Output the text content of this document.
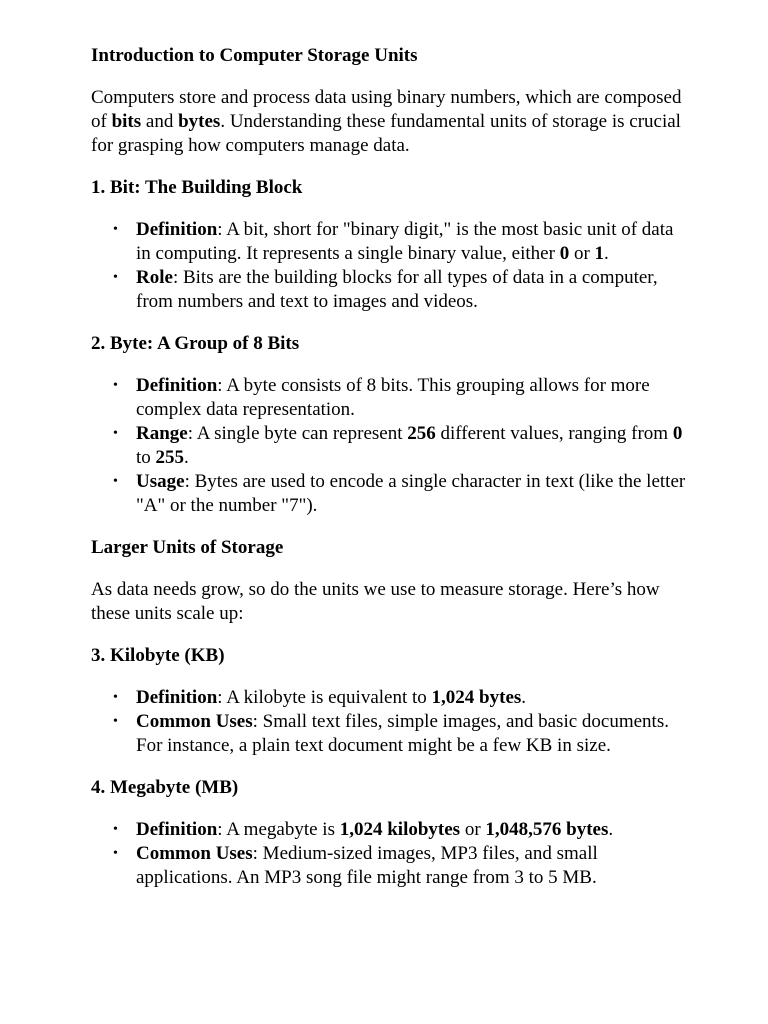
Introduction to Computer Storage Units

Computers store and process data using binary numbers, which are composed of bits and bytes. Understanding these fundamental units of storage is crucial for grasping how computers manage data.

1. Bit: The Building Block
• Definition: A bit, short for "binary digit," is the most basic unit of data in computing. It represents a single binary value, either 0 or 1.
• Role: Bits are the building blocks for all types of data in a computer, from numbers and text to images and videos.
2. Byte: A Group of 8 Bits
• Definition: A byte consists of 8 bits. This grouping allows for more complex data representation.
• Range: A single byte can represent 256 different values, ranging from 0 to 255.
• Usage: Bytes are used to encode a single character in text (like the letter "A" or the number "7").
Larger Units of Storage

As data needs grow, so do the units we use to measure storage. Here’s how these units scale up:

3. Kilobyte (KB)
• Definition: A kilobyte is equivalent to 1,024 bytes.
• Common Uses: Small text files, simple images, and basic documents. For instance, a plain text document might be a few KB in size.
4. Megabyte (MB)
• Definition: A megabyte is 1,024 kilobytes or 1,048,576 bytes.
• Common Uses: Medium-sized images, MP3 files, and small applications. An MP3 song file might range from 3 to 5 MB.
